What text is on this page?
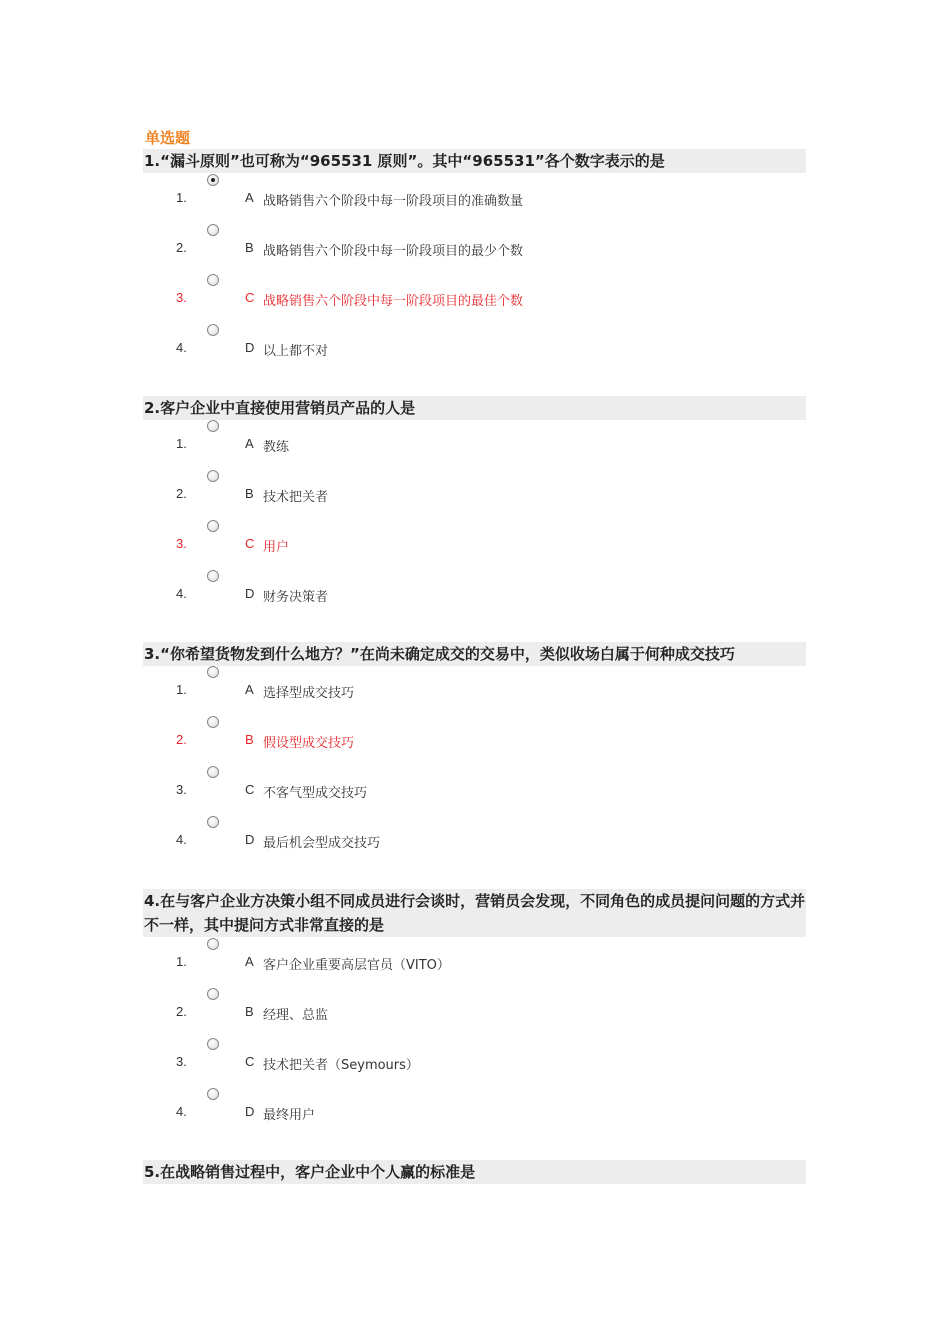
单选题
1.“漏斗原则”也可称为“965531 原则”。其中“965531”各个数字表示的是
1.	A 战略销售六个阶段中每一阶段项目的准确数量
2.	B 战略销售六个阶段中每一阶段项目的最少个数
3.	C 战略销售六个阶段中每一阶段项目的最佳个数
4.	D 以上都不对
2.客户企业中直接使用营销员产品的人是
1.	A 教练
2.	B 技术把关者
3.	C 用户
4.	D 财务决策者
3.“你希望货物发到什么地方？”在尚未确定成交的交易中，类似收场白属于何种成交技巧
1.	A 选择型成交技巧
2.	B 假设型成交技巧
3.	C 不客气型成交技巧
4.	D 最后机会型成交技巧
4.在与客户企业方决策小组不同成员进行会谈时，营销员会发现，不同角色的成员提问问题的方式并不一样，其中提问方式非常直接的是
1.	A 客户企业重要高层官员（VITO）
2.	B 经理、总监
3.	C 技术把关者（Seymours）
4.	D 最终用户
5.在战略销售过程中，客户企业中个人赢的标准是
